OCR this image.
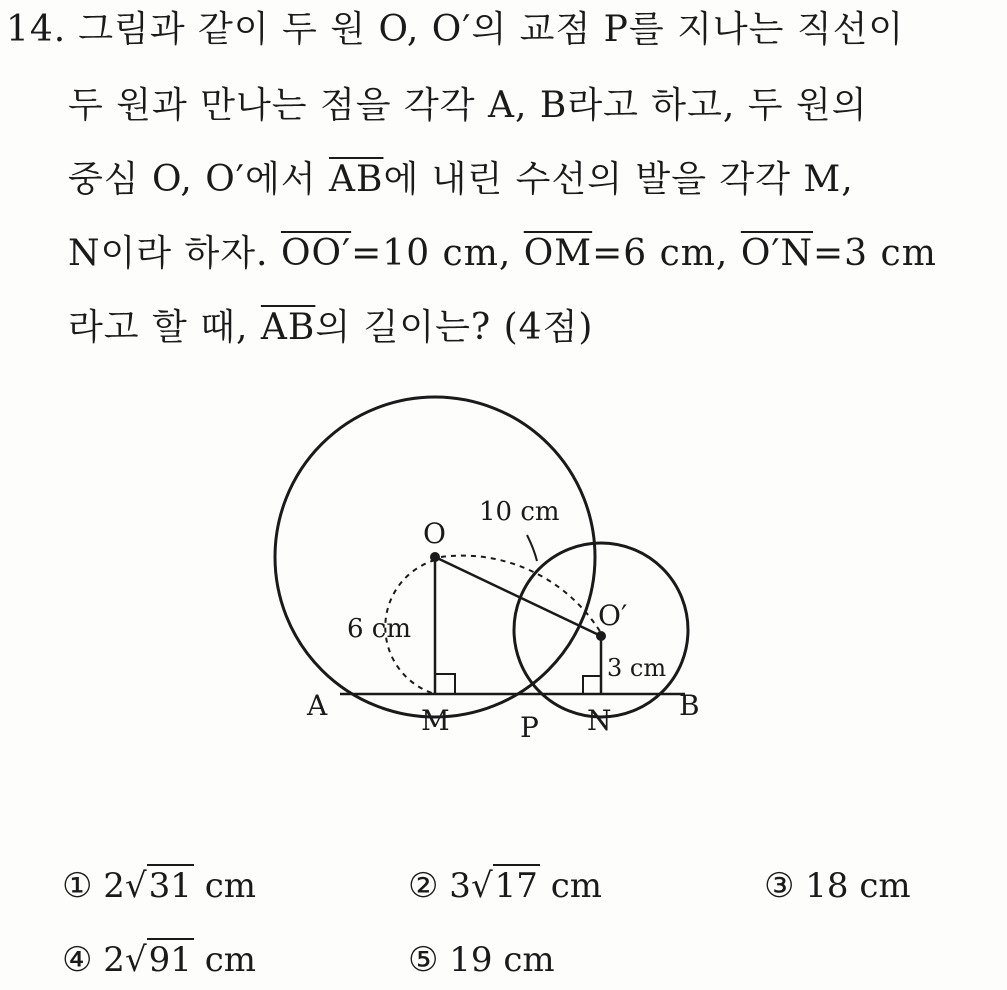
14. 그림과 같이 두 원 O, O′의 교점 P를 지나는 직선이
두 원과 만나는 점을 각각 A, B라고 하고, 두 원의
중심 O, O′에서 $\overline{AB}$에 내린 수선의 발을 각각 M,
N이라 하자. OO′=10 cm, $\overline{OM}=6$ cm, O′N=3 cm
라고 할 때, $\overline{AB}$의 길이는? (4점)
O
O′
A	B
M	P N
10 cm
6 cm
3 cm
① 2√31 cm	② 3√17 cm	③ 18 cm
④ 2√91 cm	⑤ 19 cm
